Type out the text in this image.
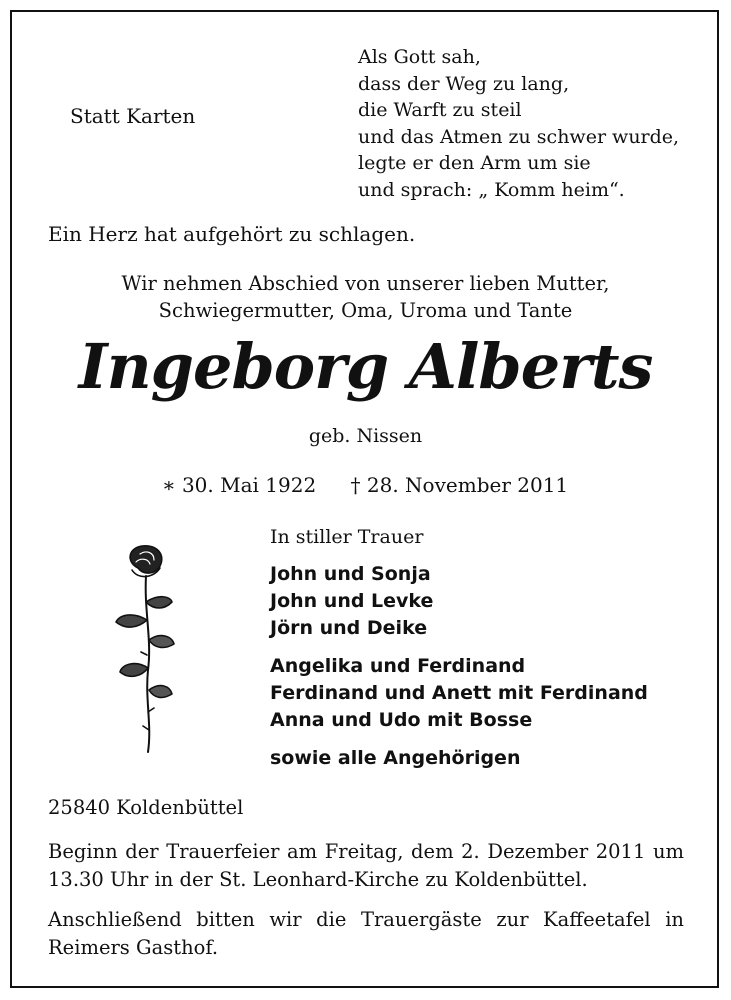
Statt Karten
Als Gott sah,
dass der Weg zu lang,
die Warft zu steil
und das Atmen zu schwer wurde,
legte er den Arm um sie
und sprach: „ Komm heim“.
Ein Herz hat aufgehört zu schlagen.
Wir nehmen Abschied von unserer lieben Mutter,
Schwiegermutter, Oma, Uroma und Tante
Ingeborg Alberts
geb. Nissen
∗ 30. Mai 1922 † 28. November 2011
In stiller Trauer
John und Sonja
John und Levke
Jörn und Deike
Angelika und Ferdinand
Ferdinand und Anett mit Ferdinand
Anna und Udo mit Bosse
sowie alle Angehörigen
25840 Koldenbüttel
Beginn der Trauerfeier am Freitag, dem 2. Dezember 2011 um 13.30 Uhr in der St. Leonhard-Kirche zu Koldenbüttel.
Anschließend bitten wir die Trauergäste zur Kaffeetafel in Reimers Gasthof.
